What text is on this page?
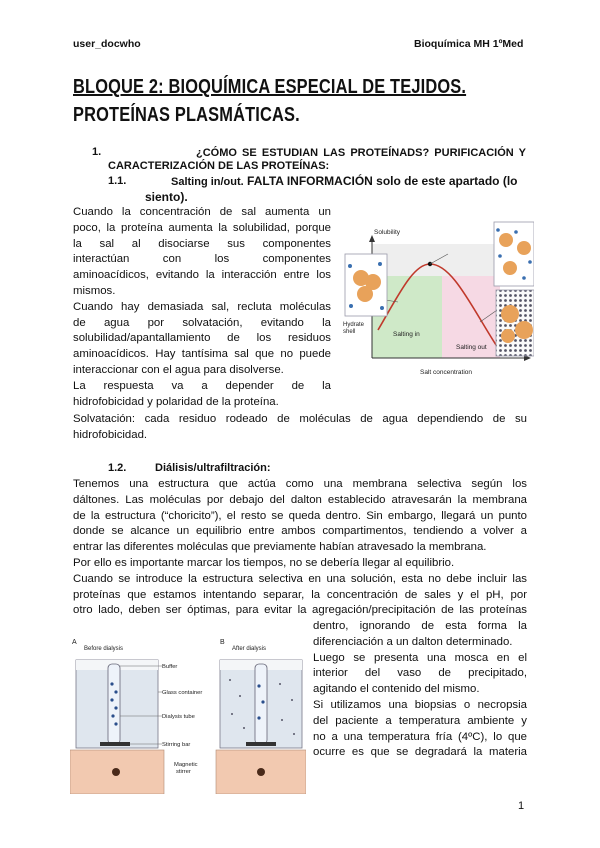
user_docwho	Bioquímica MH 1ºMed
BLOQUE 2: BIOQUÍMICA ESPECIAL DE TEJIDOS.
PROTEÍNAS PLASMÁTICAS.
1.	¿CÓMO SE ESTUDIAN LAS PROTEÍNADS? PURIFICACIÓN Y
CARACTERIZACIÓN DE LAS PROTEÍNAS:
1.1.	Salting in/out. FALTA INFORMACIÓN solo de este apartado (lo
siento).
Cuando la concentración de sal aumenta un
poco, la proteína aumenta la solubilidad, porque
la sal al disociarse sus componentes
interactúan con los componentes
aminoacídicos, evitando la interacción entre los
mismos.
Cuando hay demasiada sal, recluta moléculas
de agua por solvatación, evitando la
solubilidad/apantallamiento de los residuos
aminoacídicos. Hay tantísima sal que no puede
interaccionar con el agua para disolverse.
La respuesta va a depender de la
hidrofobicidad y polaridad de la proteína.
Solubility
Hydrate
shell	Salting in
Salting out
Salt concentration
Solvatación: cada residuo rodeado de moléculas de agua dependiendo de su
hidrofobicidad.
1.2.	Diálisis/ultrafiltración:
Tenemos una estructura que actúa como una membrana selectiva según los
dáltones. Las moléculas por debajo del dalton establecido atravesarán la membrana
de la estructura (“choricito”), el resto se queda dentro. Sin embargo, llegará un punto
donde se alcance un equilibrio entre ambos compartimentos, tendiendo a volver a
entrar las diferentes moléculas que previamente habían atravesado la membrana.
Por ello es importante marcar los tiempos, no se debería llegar al equilibrio.
Cuando se introduce la estructura selectiva en una solución, esta no debe incluir las
proteínas que estamos intentando separar, la concentración de sales y el pH, por
otro lado, deben ser óptimas, para evitar la agregación/precipitación de las proteínas
dentro, ignorando de esta forma la
diferenciación a un dalton determinado.
Luego se presenta una mosca en el
interior del vaso de precipitado,
agitando el contenido del mismo.
Si utilizamos una biopsias o necropsia
del paciente a temperatura ambiente y
no a una temperatura fría (4ºC), lo que
ocurre es que se degradará la materia
A
Before dialysis
Buffer
Glass container
Dialysis tube
Stirring bar
Magnetic
stirrer
B
After dialysis
1
